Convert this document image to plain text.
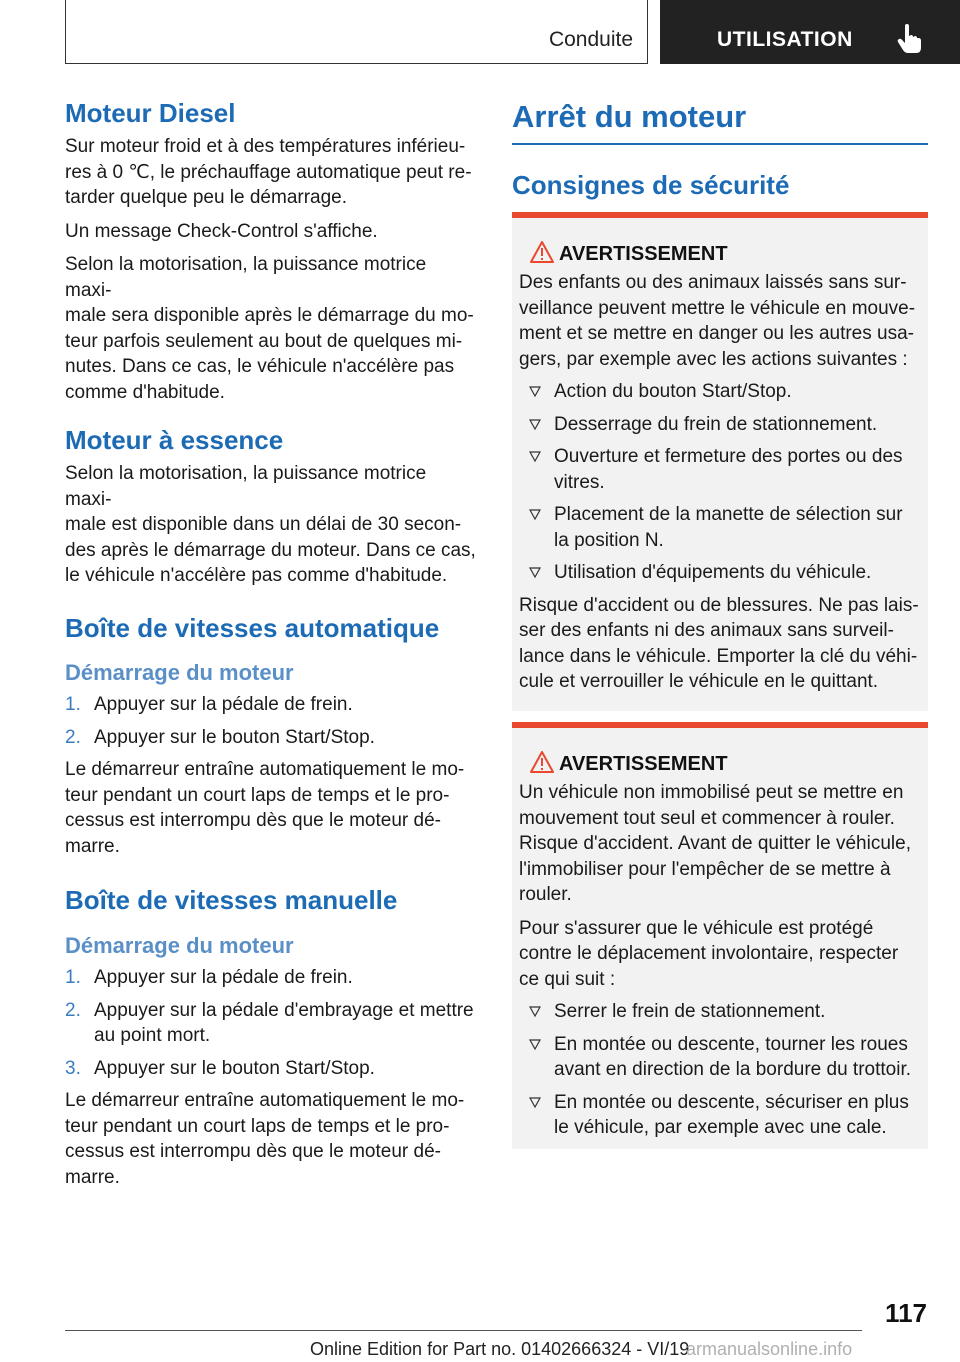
Conduite	UTILISATION
Moteur Diesel

Sur moteur froid et à des températures inférieu-
res à 0 ℃, le préchauffage automatique peut re-
tarder quelque peu le démarrage.

Un message Check-Control s'affiche.

Selon la motorisation, la puissance motrice maxi-
male sera disponible après le démarrage du mo-
teur parfois seulement au bout de quelques mi-
nutes. Dans ce cas, le véhicule n'accélère pas
comme d'habitude.

Moteur à essence

Selon la motorisation, la puissance motrice maxi-
male est disponible dans un délai de 30 secon-
des après le démarrage du moteur. Dans ce cas,
le véhicule n'accélère pas comme d'habitude.

Boîte de vitesses automatique
Démarrage du moteur
1. Appuyer sur la pédale de frein.
2. Appuyer sur le bouton Start/Stop.

Le démarreur entraîne automatiquement le mo-
teur pendant un court laps de temps et le pro-
cessus est interrompu dès que le moteur dé-
marre.

Boîte de vitesses manuelle
Démarrage du moteur
1. Appuyer sur la pédale de frein.
2. Appuyer sur la pédale d'embrayage et mettre
au point mort.
3. Appuyer sur le bouton Start/Stop.

Le démarreur entraîne automatiquement le mo-
teur pendant un court laps de temps et le pro-
cessus est interrompu dès que le moteur dé-
marre.

Arrêt du moteur
Consignes de sécurité
AVERTISSEMENT

Des enfants ou des animaux laissés sans sur-
veillance peuvent mettre le véhicule en mouve-
ment et se mettre en danger ou les autres usa-
gers, par exemple avec les actions suivantes :

Action du bouton Start/Stop.
Desserrage du frein de stationnement.
Ouverture et fermeture des portes ou des
vitres.
Placement de la manette de sélection sur
la position N.
Utilisation d'équipements du véhicule.

Risque d'accident ou de blessures. Ne pas lais-
ser des enfants ni des animaux sans surveil-
lance dans le véhicule. Emporter la clé du véhi-
cule et verrouiller le véhicule en le quittant.

AVERTISSEMENT

Un véhicule non immobilisé peut se mettre en
mouvement tout seul et commencer à rouler.
Risque d'accident. Avant de quitter le véhicule,
l'immobiliser pour l'empêcher de se mettre à
rouler.

Pour s'assurer que le véhicule est protégé
contre le déplacement involontaire, respecter
ce qui suit :

Serrer le frein de stationnement.
En montée ou descente, tourner les roues
avant en direction de la bordure du trottoir.
En montée ou descente, sécuriser en plus
le véhicule, par exemple avec une cale.
117
Online Edition for Part no. 01402666324 - VI/19
armanualsonline.info
